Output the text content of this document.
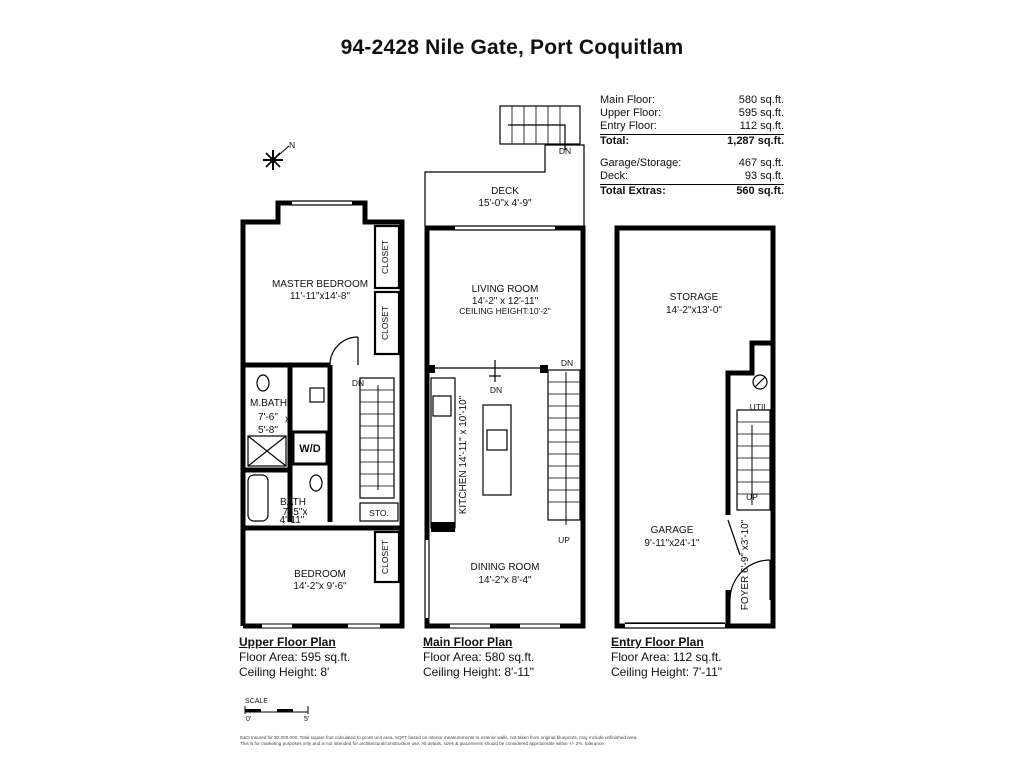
94-2428 Nile Gate, Port Coquitlam
Main Floor:	580 sq.ft.
Upper Floor:	595 sq.ft.
Entry Floor:	112 sq.ft.
Total:	1,287 sq.ft.
Garage/Storage:	467 sq.ft.
Deck:	93 sq.ft.
Total Extras:	560 sq.ft.
N
MASTER BEDROOM
11'-11"x14'-8"
CLOSET
CLOSET
CLOSET
M.BATH
7'-6" x
5'-8"
W/D
BATH
7'-5"x
4'-11"
STO.
DN
BEDROOM
14'-2"x 9'-6"
DECK
15'-0"x 4'-9"
LIVING ROOM
14'-2" x 12'-11"
CEILING HEIGHT:10'-2"
DN
DN
DN
UP
KITCHEN 14'-11" x 10'-10"
DINING ROOM
14'-2"x 8'-4"
STORAGE
14'-2"x13'-0"
UTIL.
UP
GARAGE
9'-11"x24'-1"	FOYER 6'-9" x3'-10"
Upper Floor Plan
Floor Area: 595 sq.ft.
Ceiling Height: 8'
Main Floor Plan
Floor Area: 580 sq.ft.
Ceiling Height: 8'-11"
Entry Floor Plan
Floor Area: 112 sq.ft.
Ceiling Height: 7'-11"
SCALE
0'	5'
E&O Insured for $2,000,000. Total square foot calculated to gross unit area. SQFT based on interior measurements to exterior walls, not taken from original blueprints, may include unfinished area.
This is for marketing purposes only and is not intended for architectural/construction use. All details, sizes & placements should be considered approximate within +/- 2%, tolerance.
